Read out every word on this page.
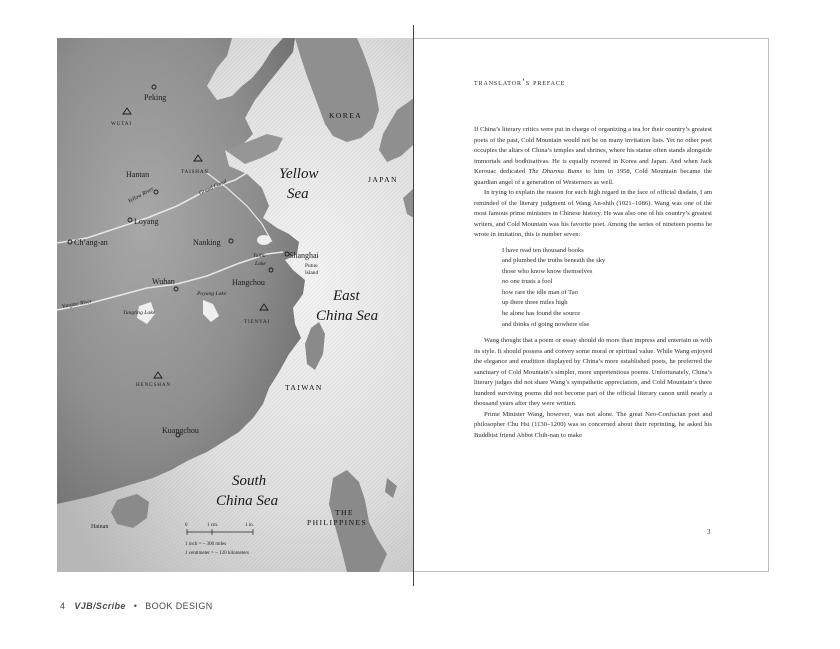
Peking
WUTAI
Hantan	TAISHAN
Grand Canal
Yellow River
Loyang
Ch’ang-an	Nanking
Shanghai
Putuo
Island
Taihu
Lake
Hangchou
Wuhan
Yangtze River
Poyang Lake
Tungting Lake
TIENYAI
HENGSHAN
Kuangchou
Hainan
Yellow
Sea
East
China Sea
South
China Sea
KOREA
JAPAN
TAIWAN
THE
PHILIPPINES
0	1 cm.	1 in.
1 inch = ~ 300 miles
1 centimeter = ~ 120 kilometers
translator’s preface

If China’s literary critics were put in charge of organizing a tea for their country’s greatest poets of the past, Cold Mountain would not be on many invitation lists. Yet no other poet occupies the altars of China’s temples and shrines, where his statue often stands alongside immortals and bodhisattvas. He is equally revered in Korea and Japan. And when Jack Kerouac dedicated The Dharma Bums to him in 1958, Cold Mountain became the guardian angel of a generation of Westerners as well.

In trying to explain the reason for such high regard in the face of official disdain, I am reminded of the literary judgment of Wang An-shih (1021–1086). Wang was one of the most famous prime ministers in Chinese history. He was also one of his country’s greatest writers, and Cold Mountain was his favorite poet. Among the series of nineteen poems he wrote in imitation, this is number seven:

I have read ten thousand books
and plumbed the truths beneath the sky
those who know know themselves
no one trusts a fool
how rare the idle man of Tao
up there three miles high
he alone has found the source
and thinks of going nowhere else

Wang thought that a poem or essay should do more than impress and entertain us with its style. It should possess and convey some moral or spiritual value. While Wang enjoyed the elegance and erudition displayed by China’s more established poets, he preferred the sanctuary of Cold Mountain’s simpler, more unpretentious poems. Unfortunately, China’s literary judges did not share Wang’s sympathetic appreciation, and Cold Mountain’s three hundred surviving poems did not become part of the official literary canon until nearly a thousand years after they were written.

Prime Minister Wang, however, was not alone. The great Neo-Confucian poet and philosopher Chu Hsi (1130–1200) was so concerned about their reprinting, he asked his Buddhist friend Abbot Chih-nan to make

3
4 VJB/Scribe • BOOK DESIGN
